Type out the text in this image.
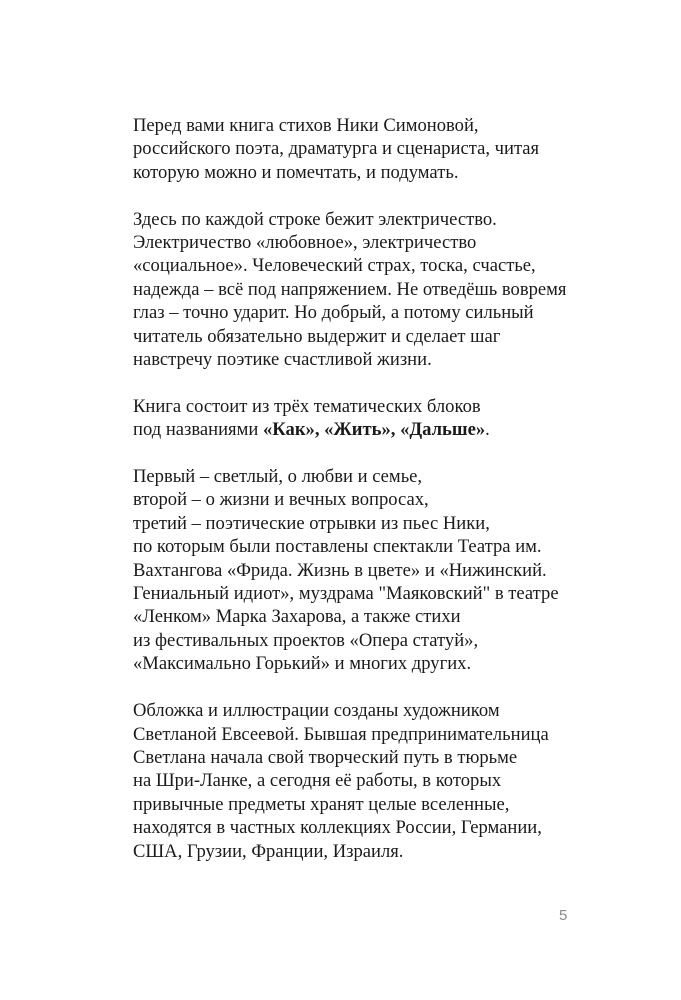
Перед вами книга стихов Ники Симоновой,
российского поэта, драматурга и сценариста, читая
которую можно и помечтать, и подумать.

Здесь по каждой строке бежит электричество.
Электричество «любовное», электричество
«социальное». Человеческий страх, тоска, счастье,
надежда – всё под напряжением. Не отведёшь вовремя
глаз – точно ударит. Но добрый, а потому сильный
читатель обязательно выдержит и сделает шаг
навстречу поэтике счастливой жизни.

Книга состоит из трёх тематических блоков
под названиями «Как», «Жить», «Дальше».

Первый – светлый, о любви и семье,
второй – о жизни и вечных вопросах,
третий – поэтические отрывки из пьес Ники,
по которым были поставлены спектакли Театра им.
Вахтангова «Фрида. Жизнь в цвете» и «Нижинский.
Гениальный идиот», муздрама "Маяковский" в театре
«Ленком» Марка Захарова, а также стихи
из фестивальных проектов «Опера статуй»,
«Максимально Горький» и многих других.

Обложка и иллюстрации созданы художником
Светланой Евсеевой. Бывшая предпринимательница
Светлана начала свой творческий путь в тюрьме
на Шри-Ланке, а сегодня её работы, в которых
привычные предметы хранят целые вселенные,
находятся в частных коллекциях России, Германии,
США, Грузии, Франции, Израиля.

5
